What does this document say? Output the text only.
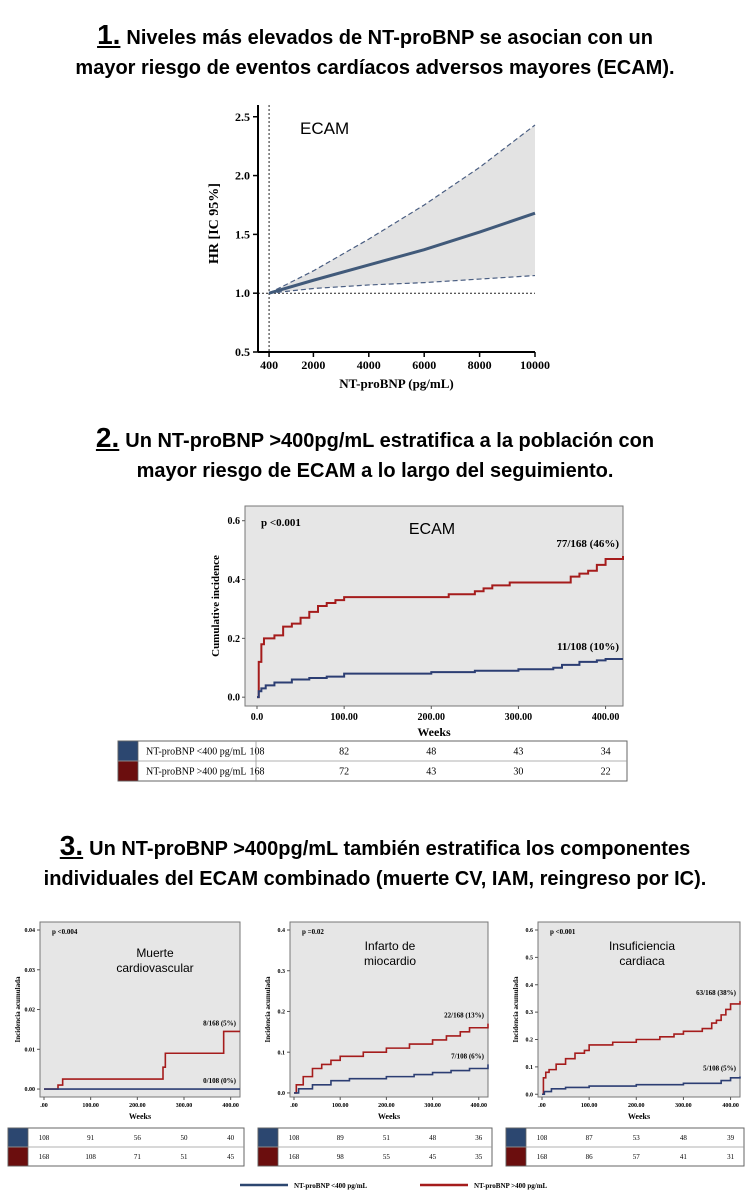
1. Niveles más elevados de NT-proBNP se asocian con un
mayor riesgo de eventos cardíacos adversos mayores (ECAM).
2. Un NT-proBNP >400pg/mL estratifica a la población con
mayor riesgo de ECAM a lo largo del seguimiento.
3. Un NT-proBNP >400pg/mL también estratifica los componentes
individuales del ECAM combinado (muerte CV, IAM, reingreso por IC).
0.5
1.0
1.5
2.0
2.5
400 2000	4000	6000	8000 10000
ECAM
NT-proBNP (pg/mL)
HR [IC 95%]
0.0
0.2
0.4
0.6
0.0	100.00	200.00	300.00	400.00
77/168 (46%)
11/108 (10%)
p <0.001	ECAM
Weeks
Cumulative incidence
NT-proBNP <400 pg/mL 108	82	48	43	34
NT-proBNP >400 pg/mL 168	72	43	30	22
0.00
0.01
0.02
0.03
0.04
.00	100.00	200.00	300.00	400.00
8/168 (5%)
0/108 (0%)
p <0.004
Muerte
cardiovascular
Weeks
Incidencia acumulada
108	91	56	50	40
168	108	71	51	45
0.0
0.1
0.2
0.3
0.4
.00	100.00	200.00	300.00	400.00
22/168 (13%)
7/108 (6%)
p =0.02
Infarto de
miocardio
Weeks
Incidencia acumulada
108	89	51	48	36
168	98	55	45	35
0.0
0.1
0.2
0.3
0.4
0.5
0.6
.00	100.00	200.00	300.00	400.00
63/168 (38%)
5/108 (5%)
p <0.001
Insuficiencia
cardiaca
Weeks
Incidencia acumulada
108	87	53	48	39
168	86	57	41	31
NT-proBNP <400 pg/mL	NT-proBNP >400 pg/mL
